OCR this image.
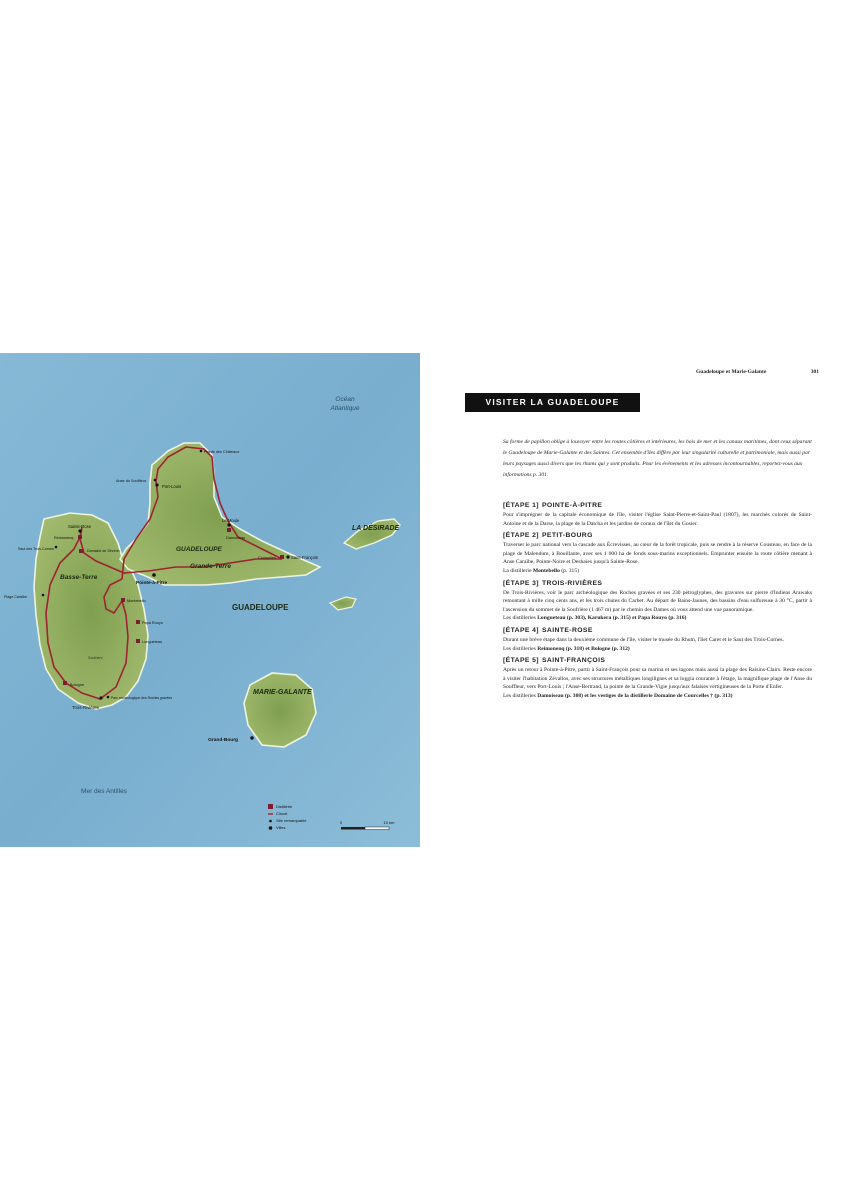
Océan
Atlantique
Mer des Antilles
GUADELOUPE
Grande-Terre
Basse-Terre
GUADELOUPE
LA DÉSIRADE
MARIE-GALANTE
Pointe des Châteaux
Anse du Souffleur
Port-Louis
Le Moule
Damoiseau
Courcelles	Saint-François
Sainte-Rose
Reimonenq
Saut des Trois-Cornes	Domaine de Séverin
Pointe-à-Pitre
Montebello
Papa Rouyo
Longueteau
Soufrière
Plage Caraïbe
Bologne
Trois-Rivières
Parc archéologique des Roches gravées
Grand-Bourg
Distillerie
Circuit
Site remarquable
Villes
0	10 km
Guadeloupe et Marie-Galante	301
VISITER LA GUADELOUPE

Sa forme de papillon oblige à louvoyer entre les routes côtières et intérieures, les bois de mer et les canaux maritimes, dont ceux séparant le Guadeloupe de Marie-Galante et des Saintes. Cet ensemble d'îles diffère par leur singularité culturelle et patrimoniale, mais aussi par leurs paysages aussi divers que les rhums qui y sont produits. Pour les événements et les adresses incontournables, reportez-vous aux informations p. 301.

[ÉTAPE 1] POINTE-À-PITRE

Pour s'imprégner de la capitale économique de l'île, visiter l'église Saint-Pierre-et-Saint-Paul (1807), les marchés colorés de Saint-Antoine et de la Darse, la plage de la Datcha et les jardins de coraux de l'îlet du Gosier.

[ÉTAPE 2] PETIT-BOURG

Traverser le parc national vers la cascade aux Écrevisses, au cœur de la forêt tropicale, puis se rendre à la réserve Cousteau, en face de la plage de Malendure, à Bouillante, avec ses 1 000 ha de fonds sous-marins exceptionnels. Emprunter ensuite la route côtière menant à Anse Caraïbe, Pointe-Noire et Deshaies jusqu'à Sainte-Rose.

La distillerie Montebello (p. 315)

[ÉTAPE 3] TROIS-RIVIÈRES

De Trois-Rivières, voir le parc archéologique des Roches gravées et ses 230 pétroglyphes, des gravures sur pierre d'Indiens Arawaks remontant à mille cinq cents ans, et les trois chutes du Carbet. Au départ de Bains-Jaunes, des bassins d'eau sulfureuse à 30 °C, partir à l'ascension du sommet de la Soufrière (1 467 m) par le chemin des Dames où vous attend une vue panoramique.

Les distilleries Longueteau (p. 303), Karukera (p. 315) et Papa Rouyo (p. 316)

[ÉTAPE 4] SAINTE-ROSE

Durant une brève étape dans la deuxième commune de l'île, visiter le musée du Rhum, l'îlet Caret et le Saut des Trois-Cornes.

Les distilleries Reimonenq (p. 318) et Bologne (p. 312)

[ÉTAPE 5] SAINT-FRANÇOIS

Après un retour à Pointe-à-Pitre, partir à Saint-François pour sa marina et ses lagons mais aussi la plage des Raisins-Clairs. Reste encore à visiter l'habitation Zévallos, avec ses structures métalliques longilignes et sa loggia courante à l'étage, la magnifique plage de l'Anse du Souffleur, vers Port-Louis ; l'Anse-Bertrand, la pointe de la Grande-Vigie jusqu'aux falaises vertigineuses de la Porte d'Enfer.

Les distilleries Damoiseau (p. 308) et les vestiges de la distillerie Domaine de Courcelles † (p. 313)
